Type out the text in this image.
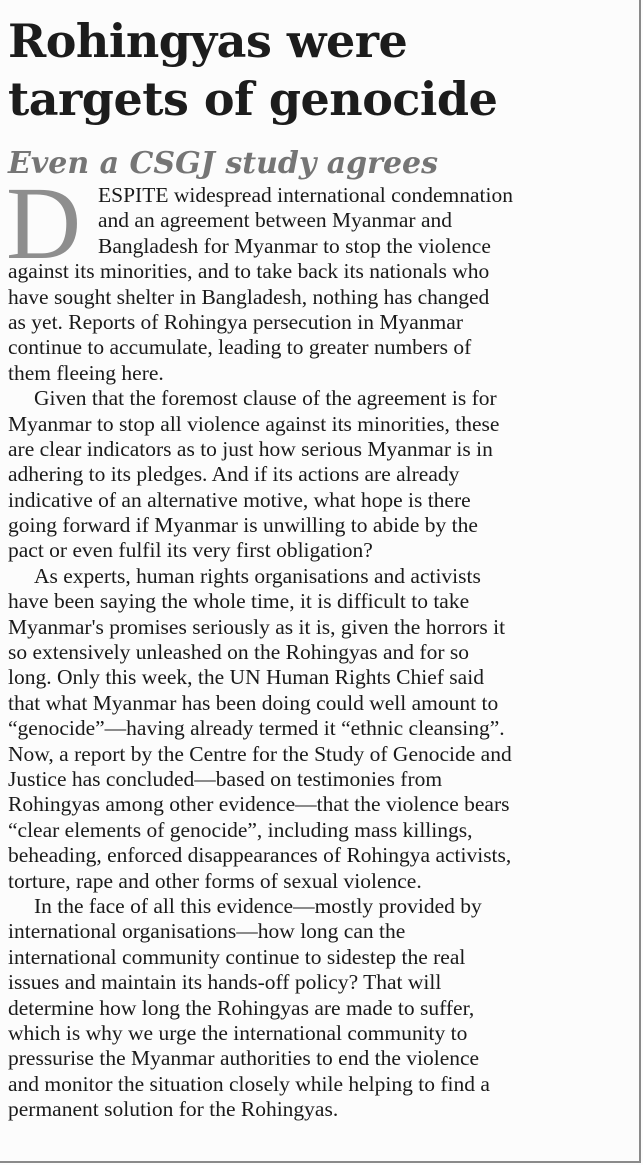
Rohingyas were
targets of genocide
Even a CSGJ study agrees
D ESPITE widespread international condemnation
and an agreement between Myanmar and
Bangladesh for Myanmar to stop the violence
against its minorities, and to take back its nationals who
have sought shelter in Bangladesh, nothing has changed
as yet. Reports of Rohingya persecution in Myanmar
continue to accumulate, leading to greater numbers of
them fleeing here.
Given that the foremost clause of the agreement is for
Myanmar to stop all violence against its minorities, these
are clear indicators as to just how serious Myanmar is in
adhering to its pledges. And if its actions are already
indicative of an alternative motive, what hope is there
going forward if Myanmar is unwilling to abide by the
pact or even fulfil its very first obligation?
As experts, human rights organisations and activists
have been saying the whole time, it is difficult to take
Myanmar's promises seriously as it is, given the horrors it
so extensively unleashed on the Rohingyas and for so
long. Only this week, the UN Human Rights Chief said
that what Myanmar has been doing could well amount to
“genocide”—having already termed it “ethnic cleansing”.
Now, a report by the Centre for the Study of Genocide and
Justice has concluded—based on testimonies from
Rohingyas among other evidence—that the violence bears
“clear elements of genocide”, including mass killings,
beheading, enforced disappearances of Rohingya activists,
torture, rape and other forms of sexual violence.
In the face of all this evidence—mostly provided by
international organisations—how long can the
international community continue to sidestep the real
issues and maintain its hands-off policy? That will
determine how long the Rohingyas are made to suffer,
which is why we urge the international community to
pressurise the Myanmar authorities to end the violence
and monitor the situation closely while helping to find a
permanent solution for the Rohingyas.
